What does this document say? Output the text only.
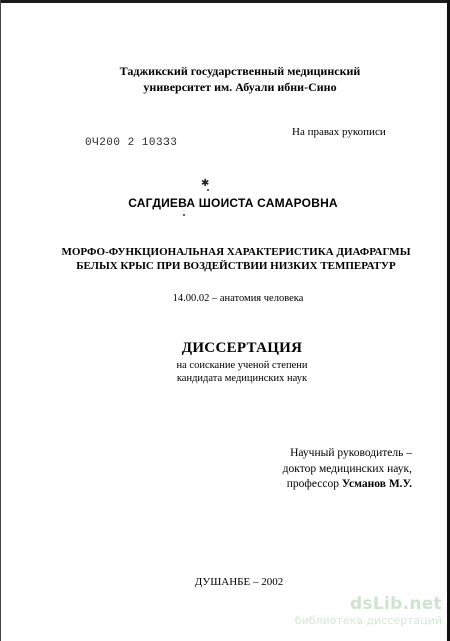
Таджикский государственный медицинский
университет им. Абуали ибни-Сино
На правах рукописи
0Ч200 2 103З3
✱
САГДИЕВА ШОИСТА САМАРОВНА
МОРФО-ФУНКЦИОНАЛЬНАЯ ХАРАКТЕРИСТИКА ДИАФРАГМЫ
БЕЛЫХ КРЫС ПРИ ВОЗДЕЙСТВИИ НИЗКИХ ТЕМПЕРАТУР
14.00.02 – анатомия человека
ДИССЕРТАЦИЯ
на соискание ученой степени
кандидата медицинских наук
Научный руководитель –
доктор медицинских наук,
профессор Усманов М.У.
ДУШАНБЕ – 2002
dsLib.net
библиотека диссертаций
